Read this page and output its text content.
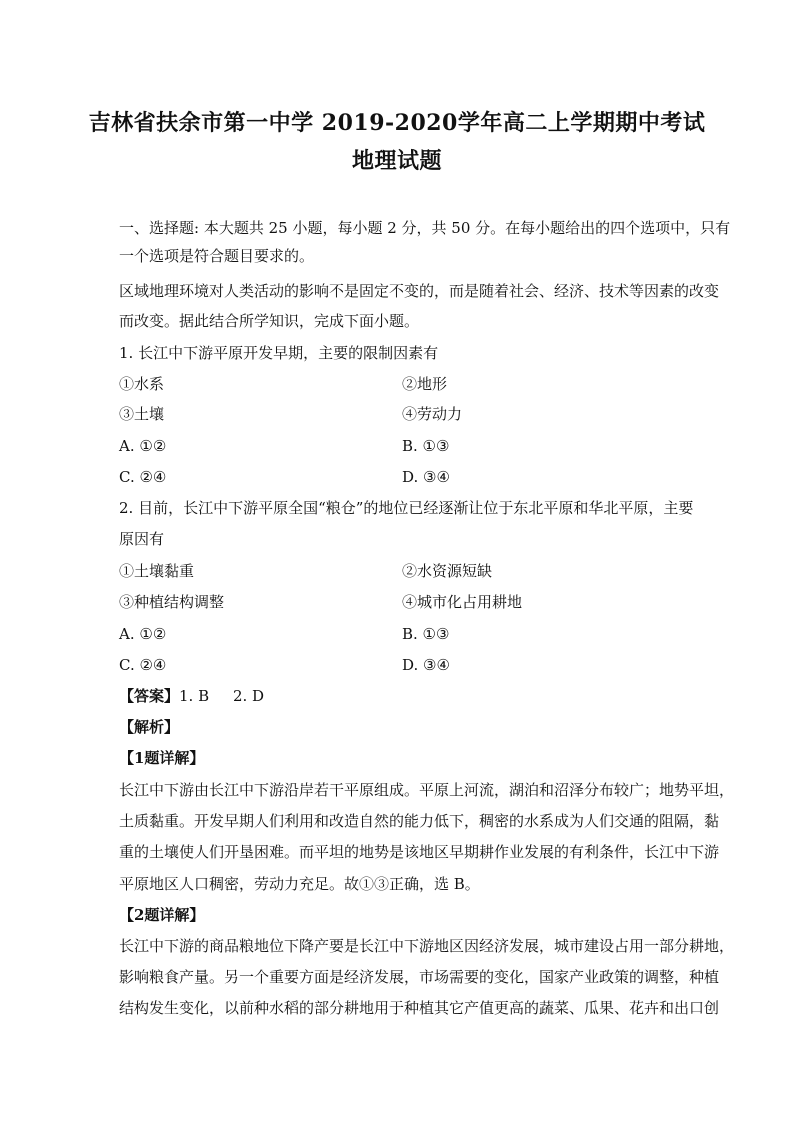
吉林省扶余市第一中学 2019-2020学年高二上学期期中考试
地理试题
一、选择题: 本大题共 25 小题，每小题 2 分，共 50 分。在每小题给出的四个选项中，只有
一个选项是符合题目要求的。
区域地理环境对人类活动的影响不是固定不变的，而是随着社会、经济、技术等因素的改变
而改变。据此结合所学知识，完成下面小题。
1. 长江中下游平原开发早期，主要的限制因素有
①水系	②地形
③土壤	④劳动力
A. ①②	B. ①③
C. ②④	D. ③④
2. 目前，长江中下游平原全国“粮仓”的地位已经逐渐让位于东北平原和华北平原，主要
原因有
①土壤黏重	②水资源短缺
③种植结构调整	④城市化占用耕地
A. ①②	B. ①③
C. ②④	D. ③④
【答案】1. B     2. D
【解析】
【1题详解】
长江中下游由长江中下游沿岸若干平原组成。平原上河流，湖泊和沼泽分布较广；地势平坦，
土质黏重。开发早期人们利用和改造自然的能力低下，稠密的水系成为人们交通的阻隔，黏
重的土壤使人们开垦困难。而平坦的地势是该地区早期耕作业发展的有利条件，长江中下游
平原地区人口稠密，劳动力充足。故①③正确，选 B。
【2题详解】
长江中下游的商品粮地位下降产要是长江中下游地区因经济发展，城市建设占用一部分耕地，
影响粮食产量。另一个重要方面是经济发展，市场需要的变化，国家产业政策的调整，种植
结构发生变化，以前种水稻的部分耕地用于种植其它产值更高的蔬菜、瓜果、花卉和出口创
